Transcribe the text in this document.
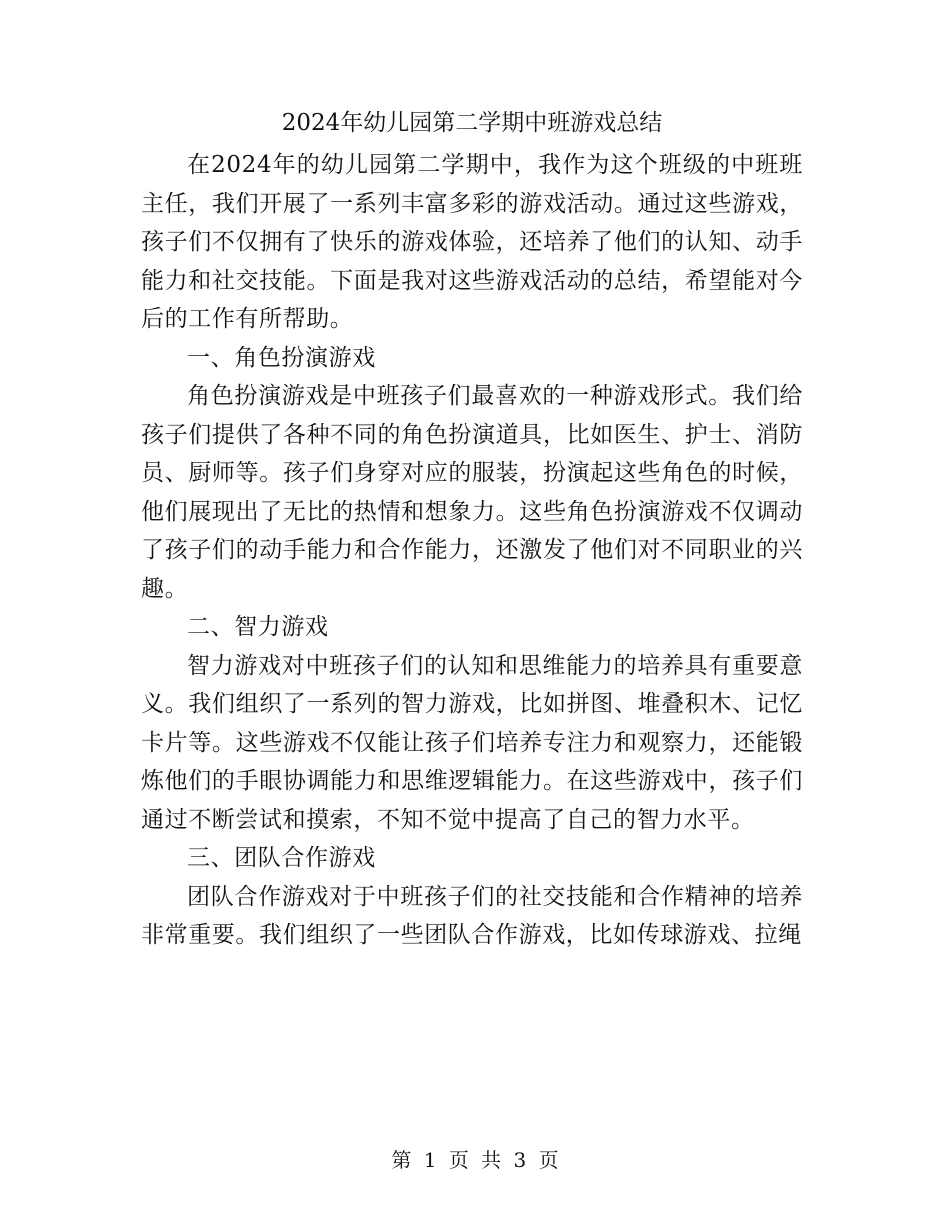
2024年幼儿园第二学期中班游戏总结

在2024年的幼儿园第二学期中，我作为这个班级的中班班主任，我们开展了一系列丰富多彩的游戏活动。通过这些游戏，孩子们不仅拥有了快乐的游戏体验，还培养了他们的认知、动手能力和社交技能。下面是我对这些游戏活动的总结，希望能对今后的工作有所帮助。

一、角色扮演游戏

角色扮演游戏是中班孩子们最喜欢的一种游戏形式。我们给孩子们提供了各种不同的角色扮演道具，比如医生、护士、消防员、厨师等。孩子们身穿对应的服装，扮演起这些角色的时候，他们展现出了无比的热情和想象力。这些角色扮演游戏不仅调动了孩子们的动手能力和合作能力，还激发了他们对不同职业的兴趣。

二、智力游戏

智力游戏对中班孩子们的认知和思维能力的培养具有重要意义。我们组织了一系列的智力游戏，比如拼图、堆叠积木、记忆卡片等。这些游戏不仅能让孩子们培养专注力和观察力，还能锻炼他们的手眼协调能力和思维逻辑能力。在这些游戏中，孩子们通过不断尝试和摸索，不知不觉中提高了自己的智力水平。

三、团队合作游戏

团队合作游戏对于中班孩子们的社交技能和合作精神的培养非常重要。我们组织了一些团队合作游戏，比如传球游戏、拉绳

第 1 页 共 3 页
